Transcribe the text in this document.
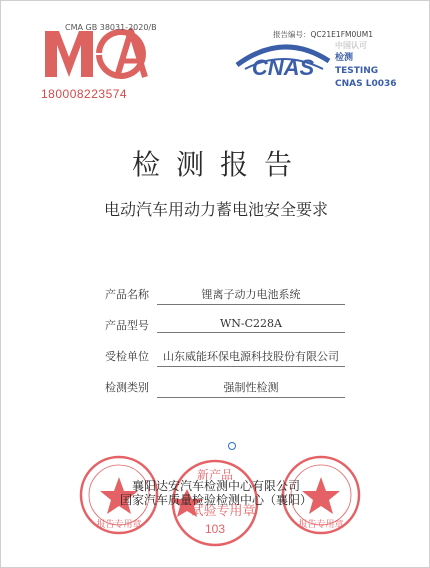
CMA GB 38031-2020/B
180008223574
CNAS
报告编号：QC21E1FM0UM1
中国认可
检测
TESTING
CNAS L0036
检测报告
电动汽车用动力蓄电池安全要求
产品名称	锂离子动力电池系统
产品型号	WN-C228A
受检单位	山东威能环保电源科技股份有限公司
检测类别	强制性检测
报告专用章
新产品
试验专用章
103	报告专用章
襄阳达安汽车检测中心有限公司
国家汽车质量检验检测中心（襄阳）
